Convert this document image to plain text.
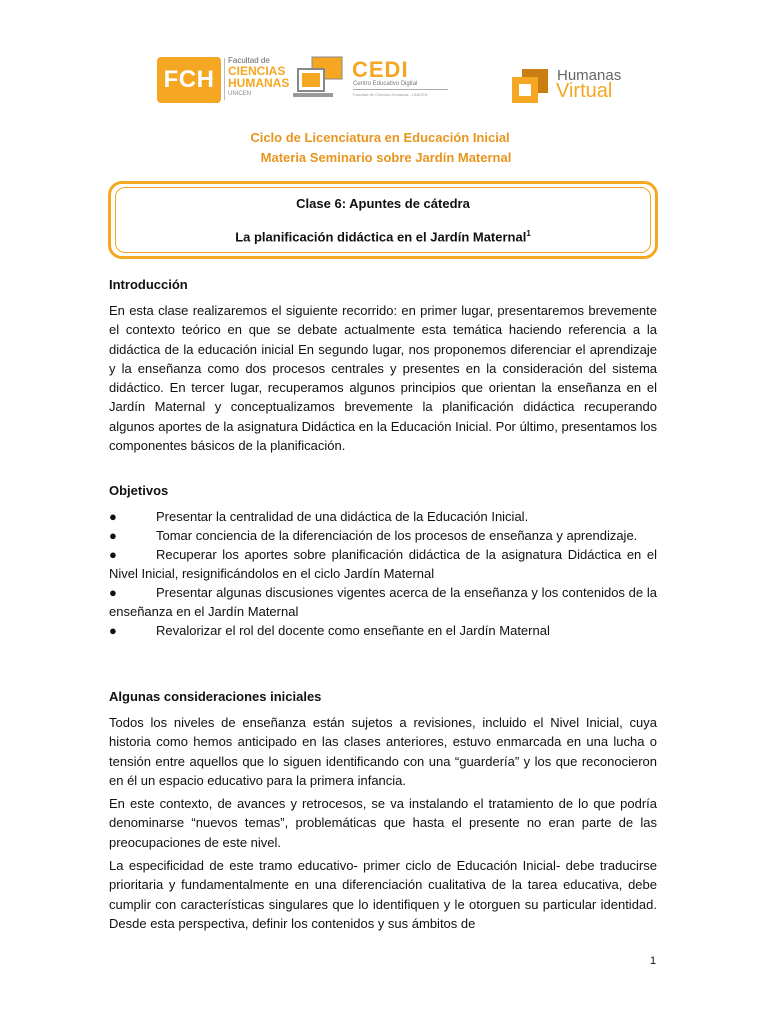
FCH
Facultad de
CIENCIAS
HUMANAS
UNICEN
CEDI
Centro Educativo Digital
Facultad de Ciencias Humanas - UNICEN
Humanas
Virtual
Ciclo de Licenciatura en Educación Inicial
Materia Seminario sobre Jardín Maternal
Clase 6: Apuntes de cátedra
La planificación didáctica en el Jardín Maternal$^1$
Introducción
En esta clase realizaremos el siguiente recorrido: en primer lugar, presentaremos brevemente el contexto teórico en que se debate actualmente esta temática haciendo referencia a la didáctica de la educación inicial En segundo lugar, nos proponemos diferenciar el aprendizaje y la enseñanza como dos procesos centrales y presentes en la consideración del sistema didáctico. En tercer lugar, recuperamos algunos principios que orientan la enseñanza en el Jardín Maternal y conceptualizamos brevemente la planificación didáctica recuperando algunos aportes de la asignatura Didáctica en la Educación Inicial. Por último, presentamos los componentes básicos de la planificación.
Objetivos
●	Presentar la centralidad de una didáctica de la Educación Inicial.
●	Tomar conciencia de la diferenciación de los procesos de enseñanza y aprendizaje.
●	Recuperar los aportes sobre planificación didáctica de la asignatura Didáctica en el Nivel Inicial, resignificándolos en el ciclo Jardín Maternal
●	Presentar algunas discusiones vigentes acerca de la enseñanza y los contenidos de la enseñanza en el Jardín Maternal
●	Revalorizar el rol del docente como enseñante en el Jardín Maternal
Algunas consideraciones iniciales
Todos los niveles de enseñanza están sujetos a revisiones, incluido el Nivel Inicial, cuya historia como hemos anticipado en las clases anteriores, estuvo enmarcada en una lucha o tensión entre aquellos que lo siguen identificando con una “guardería” y los que reconocieron en él un espacio educativo para la primera infancia.
En este contexto, de avances y retrocesos, se va instalando el tratamiento de lo que podría denominarse “nuevos temas”, problemáticas que hasta el presente no eran parte de las preocupaciones de este nivel.
La especificidad de este tramo educativo- primer ciclo de Educación Inicial- debe traducirse prioritaria y fundamentalmente en una diferenciación cualitativa de la tarea educativa, debe cumplir con características singulares que lo identifiquen y le otorguen su particular identidad. Desde esta perspectiva, definir los contenidos y sus ámbitos de
1
